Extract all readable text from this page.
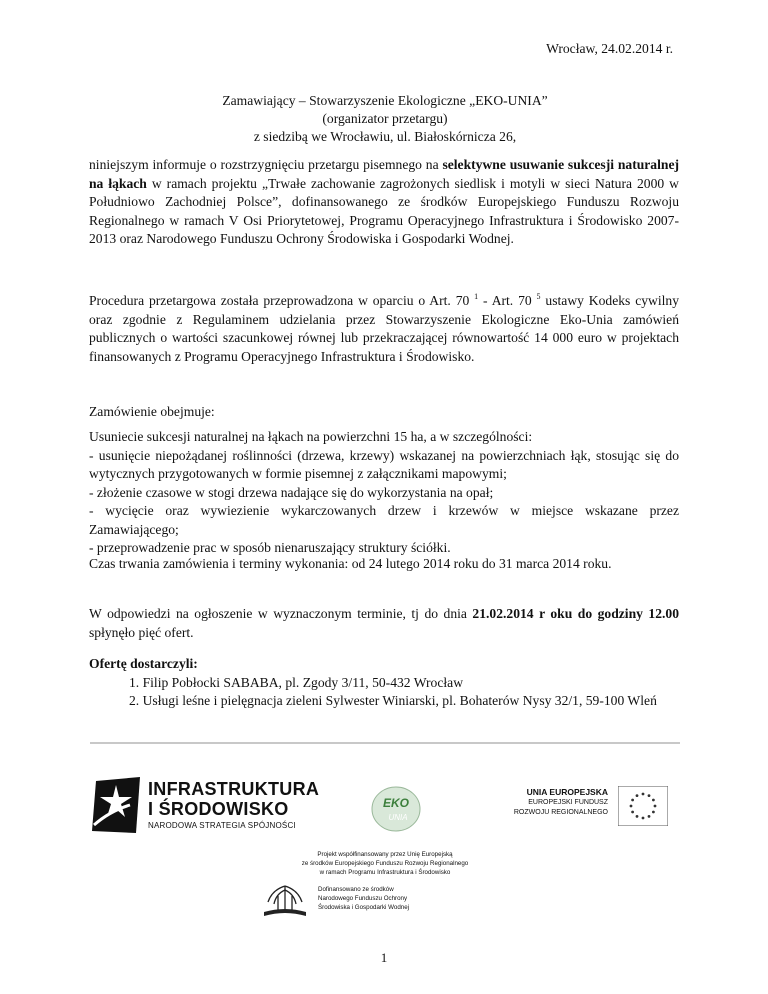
Wrocław, 24.02.2014 r.
Zamawiający – Stowarzyszenie Ekologiczne „EKO-UNIA”
(organizator przetargu)
z siedzibą we Wrocławiu, ul. Białoskórnicza 26,
niniejszym informuje o rozstrzygnięciu przetargu pisemnego na selektywne usuwanie sukcesji naturalnej na łąkach w ramach projektu „Trwałe zachowanie zagrożonych siedlisk i motyli w sieci Natura 2000 w Południowo Zachodniej Polsce”, dofinansowanego ze środków Europejskiego Funduszu Rozwoju Regionalnego w ramach V Osi Priorytetowej, Programu Operacyjnego Infrastruktura i Środowisko 2007-2013 oraz Narodowego Funduszu Ochrony Środowiska i Gospodarki Wodnej.
Procedura przetargowa została przeprowadzona w oparciu o Art. 70 $^1$ - Art. 70 $^5$ ustawy Kodeks cywilny oraz zgodnie z Regulaminem udzielania przez Stowarzyszenie Ekologiczne Eko-Unia zamówień publicznych o wartości szacunkowej równej lub przekraczającej równowartość 14 000 euro w projektach finansowanych z Programu Operacyjnego Infrastruktura i Środowisko.
Zamówienie obejmuje:
Usuniecie sukcesji naturalnej na łąkach na powierzchni 15 ha, a w szczególności:
- usunięcie niepożądanej roślinności (drzewa, krzewy) wskazanej na powierzchniach łąk, stosując się do wytycznych przygotowanych w formie pisemnej z załącznikami mapowymi;
- złożenie czasowe w stogi drzewa nadające się do wykorzystania na opał;
- wycięcie oraz wywiezienie wykarczowanych drzew i krzewów w miejsce wskazane przez Zamawiającego;
- przeprowadzenie prac w sposób nienaruszający struktury ściółki.
Czas trwania zamówienia i terminy wykonania: od 24 lutego 2014 roku do 31 marca 2014 roku.
W odpowiedzi na ogłoszenie w wyznaczonym terminie, tj do dnia 21.02.2014 r oku do godziny 12.00 spłynęło pięć ofert.
Ofertę dostarczyli:
1. Filip Pobłocki SABABA, pl. Zgody 3/11, 50-432 Wrocław
2. Usługi leśne i pielęgnacja zieleni Sylwester Winiarski, pl. Bohaterów Nysy 32/1, 59-100 Wleń
INFRASTRUKTURA
I ŚRODOWISKO
NARODOWA STRATEGIA SPÓJNOŚCI
EKO
UNIA
UNIA EUROPEJSKA
EUROPEJSKI FUNDUSZ
ROZWOJU REGIONALNEGO
Projekt współfinansowany przez Unię Europejską
ze środków Europejskiego Funduszu Rozwoju Regionalnego
w ramach Programu Infrastruktura i Środowisko
Dofinansowano ze środków
Narodowego Funduszu Ochrony
Środowiska i Gospodarki Wodnej
1
